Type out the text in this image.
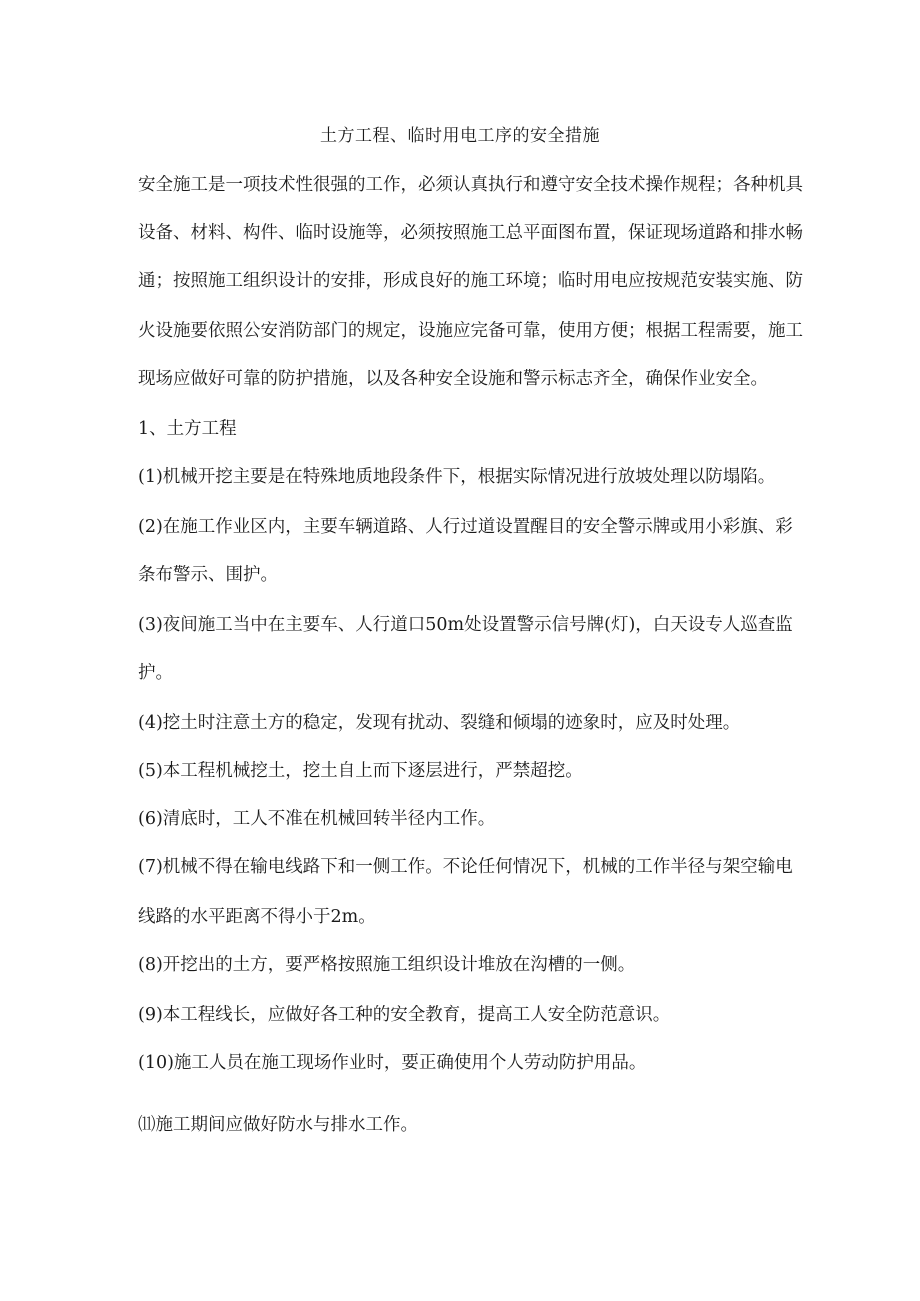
土方工程、临时用电工序的安全措施
安全施工是一项技术性很强的工作，必须认真执行和遵守安全技术操作规程；各种机具
设备、材料、构件、临时设施等，必须按照施工总平面图布置，保证现场道路和排水畅
通；按照施工组织设计的安排，形成良好的施工环境；临时用电应按规范安装实施、防
火设施要依照公安消防部门的规定，设施应完备可靠，使用方便；根据工程需要，施工
现场应做好可靠的防护措施，以及各种安全设施和警示标志齐全，确保作业安全。
1、土方工程
(1)机械开挖主要是在特殊地质地段条件下，根据实际情况进行放坡处理以防塌陷。
(2)在施工作业区内，主要车辆道路、人行过道设置醒目的安全警示牌或用小彩旗、彩
条布警示、围护。
(3)夜间施工当中在主要车、人行道口50m处设置警示信号牌(灯)，白天设专人巡查监
护。
(4)挖土时注意土方的稳定，发现有扰动、裂缝和倾塌的迹象时，应及时处理。
(5)本工程机械挖土，挖土自上而下逐层进行，严禁超挖。
(6)清底时，工人不准在机械回转半径内工作。
(7)机械不得在输电线路下和一侧工作。不论任何情况下，机械的工作半径与架空输电
线路的水平距离不得小于2m。
(8)开挖出的土方，要严格按照施工组织设计堆放在沟槽的一侧。
(9)本工程线长，应做好各工种的安全教育，提高工人安全防范意识。
(10)施工人员在施工现场作业时，要正确使用个人劳动防护用品。
⑾施工期间应做好防水与排水工作。
